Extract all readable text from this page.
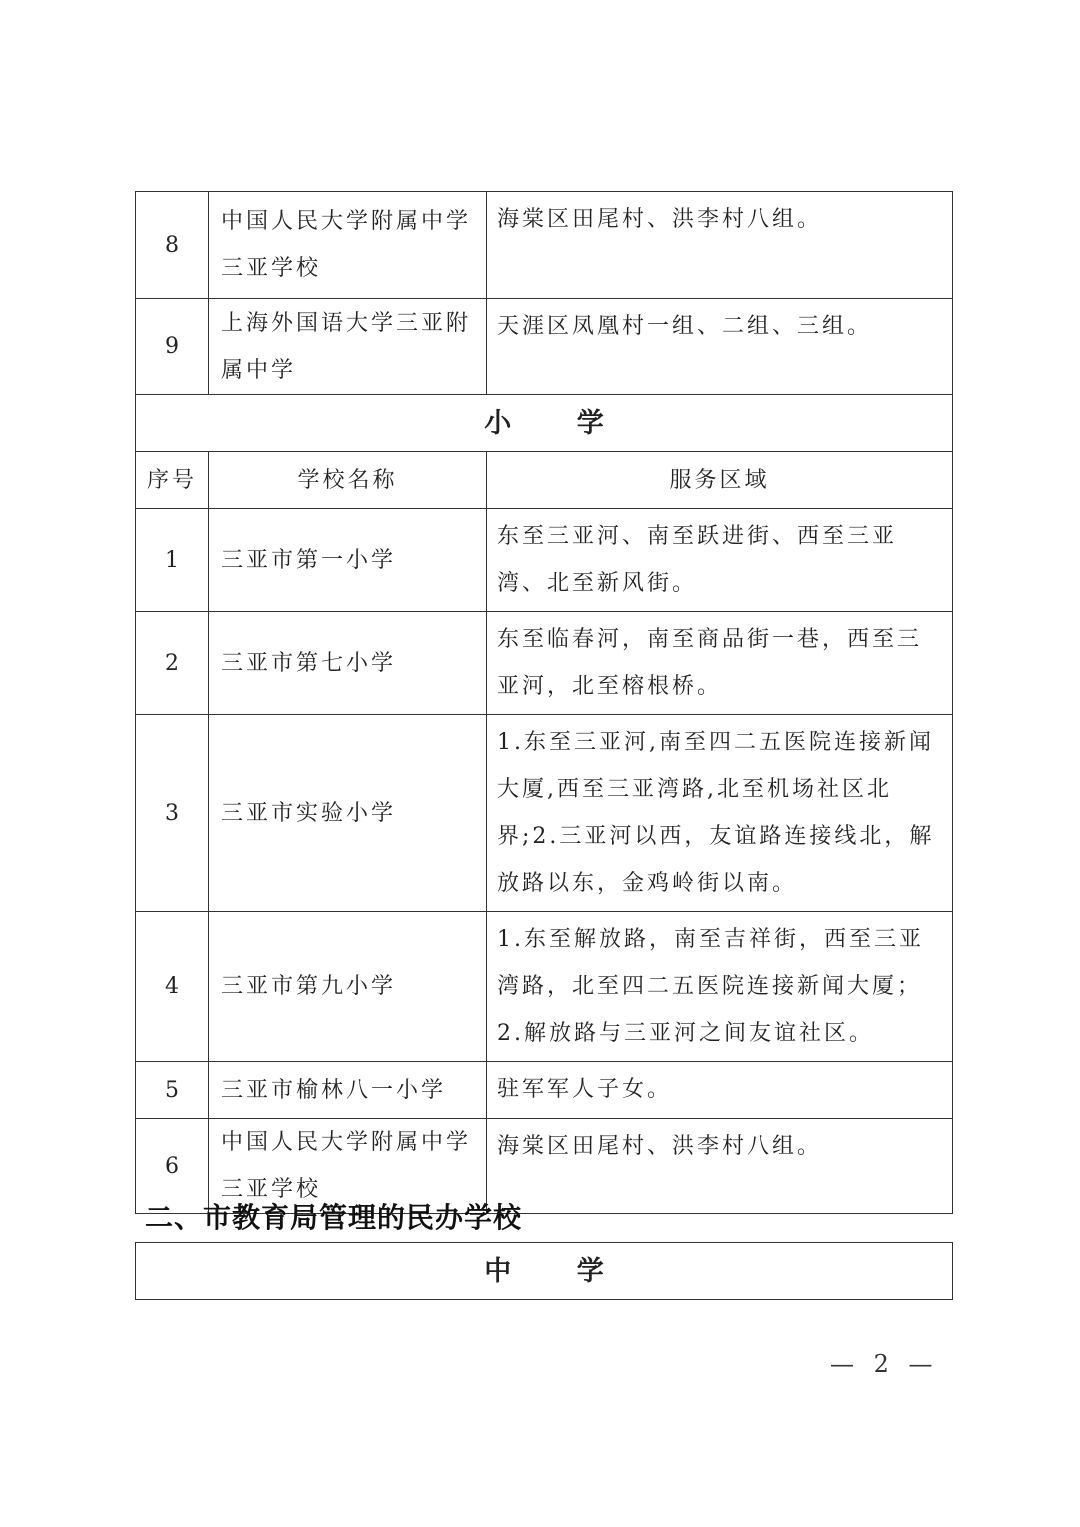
8	中国人民大学附属中学三亚学校	海棠区田尾村、洪李村八组。
9	上海外国语大学三亚附属中学	天涯区凤凰村一组、二组、三组。
小 学		
序号	学校名称	服务区域
1	三亚市第一小学	东至三亚河、南至跃进街、西至三亚湾、北至新风街。
2	三亚市第七小学	东至临春河，南至商品街一巷，西至三亚河，北至榕根桥。
3	三亚市实验小学	1.东至三亚河,南至四二五医院连接新闻大厦,西至三亚湾路,北至机场社区北界;2.三亚河以西，友谊路连接线北，解放路以东，金鸡岭街以南。
4	三亚市第九小学	1.东至解放路，南至吉祥街，西至三亚湾路，北至四二五医院连接新闻大厦；2.解放路与三亚河之间友谊社区。
5	三亚市榆林八一小学	驻军军人子女。
6	中国人民大学附属中学三亚学校	海棠区田尾村、洪李村八组。
二、市教育局管理的民办学校
中 学
— 2 —
